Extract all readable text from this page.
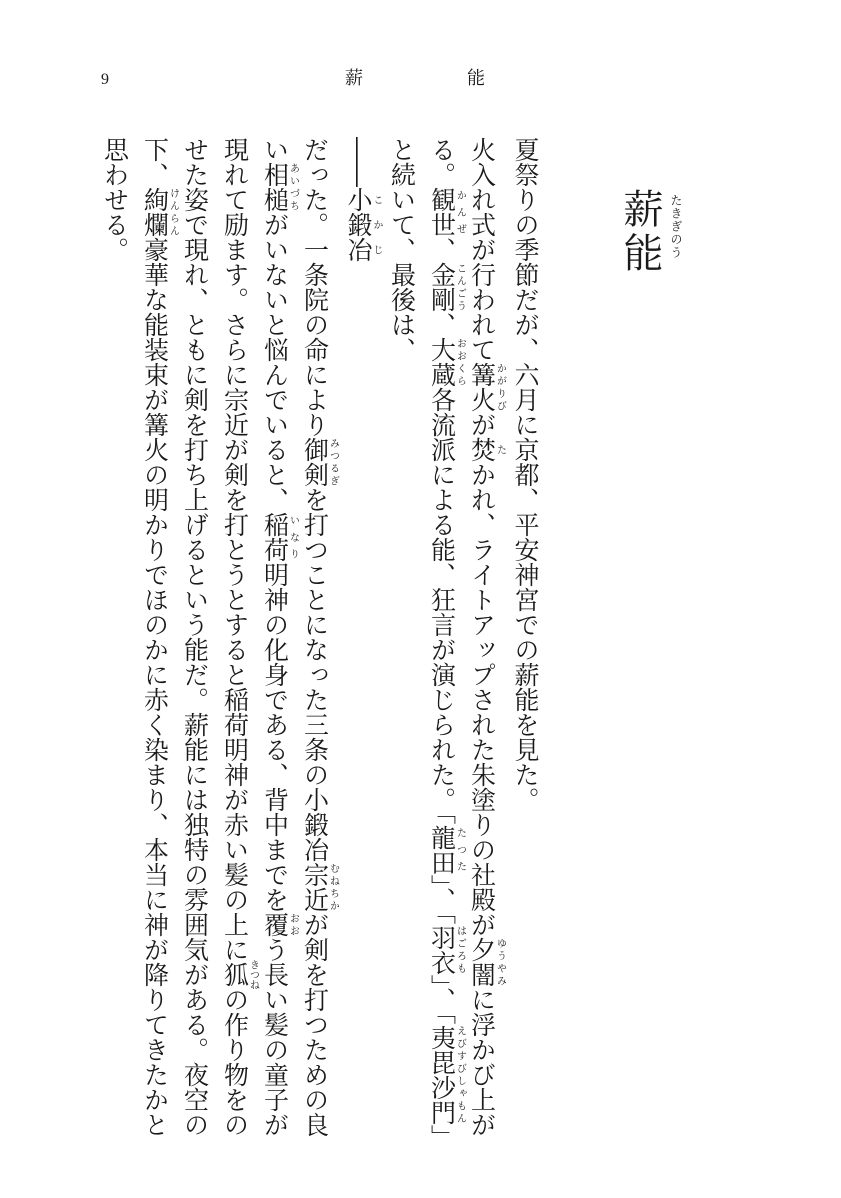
9	薪能
薪能 たきぎのう

夏祭りの季節だが、六月に京都、平安神宮での薪能を見た。

火入れ式が行われて篝火かがりびが焚たかれ、ライトアップされた朱塗りの社殿が夕闇ゆうやみに浮かび上がる。観世かんぜ、金剛こんごう、大蔵おおくら各流派による能、狂言が演じられた。「龍田たつた」、「羽衣はごろも」、「夷毘沙門えびすびしゃもん」と続いて、最後は、

――小鍛冶こかじ

だった。一条院の命により御剣みつるぎを打つことになった三条の小鍛冶宗近むねちかが剣を打つための良い相槌あいづちがいないと悩んでいると、稲荷いなり明神の化身である、背中までを覆おおう長い髪の童子が現れて励ます。さらに宗近が剣を打とうとすると稲荷明神が赤い髪の上に狐きつねの作り物をのせた姿で現れ、ともに剣を打ち上げるという能だ。薪能には独特の雰囲気がある。夜空の下、絢爛けんらん豪華な能装束が篝火の明かりでほのかに赤く染まり、本当に神が降りてきたかと思わせる。
